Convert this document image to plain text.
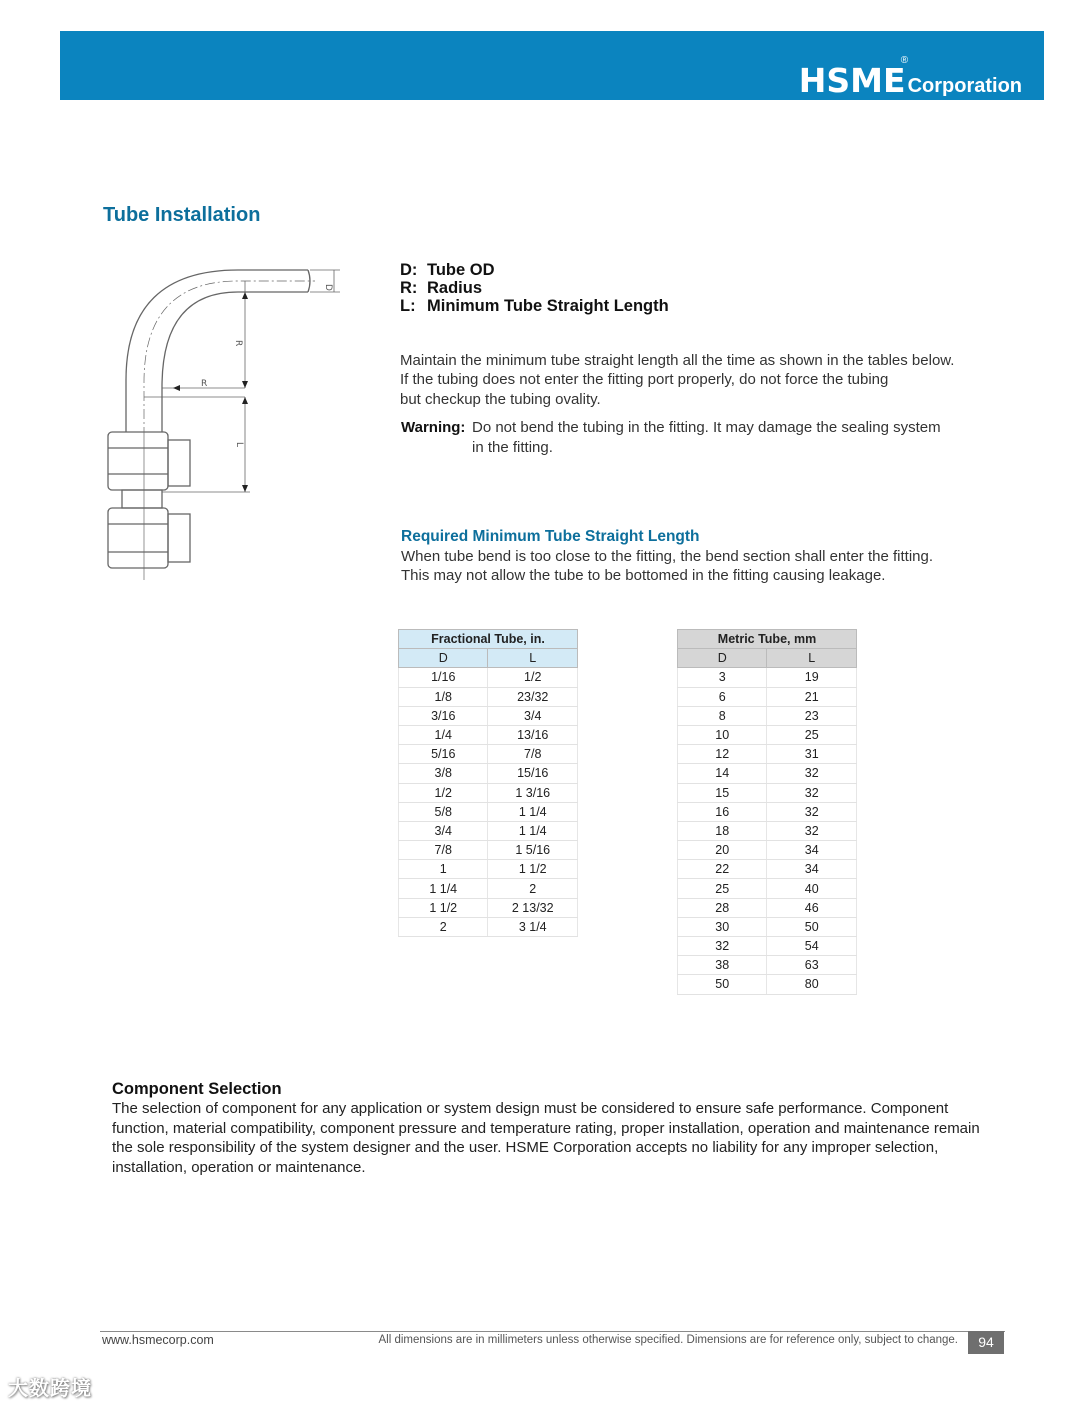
HSME
®
Corporation
Tube Installation
D
R
R
L
D: Tube OD
R: Radius
L: Minimum Tube Straight Length
Maintain the minimum tube straight length all the time as shown in the tables below.
If the tubing does not enter the fitting port properly, do not force the tubing
but checkup the tubing ovality.
Warning: Do not bend the tubing in the fitting. It may damage the sealing system
in the fitting.
Required Minimum Tube Straight Length
When tube bend is too close to the fitting, the bend section shall enter the fitting.
This may not allow the tube to be bottomed in the fitting causing leakage.
Fractional Tube, in.	
D	L
1/16	1/2
1/8	23/32
3/16	3/4
1/4	13/16
5/16	7/8
3/8	15/16
1/2	1 3/16
5/8	1 1/4
3/4	1 1/4
7/8	1 5/16
1	1 1/2
1 1/4	2
1 1/2	2 13/32
2	3 1/4
Metric Tube, mm	
D	L
3	19
6	21
8	23
10	25
12	31
14	32
15	32
16	32
18	32
20	34
22	34
25	40
28	46
30	50
32	54
38	63
50	80
Component Selection
The selection of component for any application or system design must be considered to ensure safe performance. Component
function, material compatibility, component pressure and temperature rating, proper installation, operation and maintenance remain
the sole responsibility of the system designer and the user. HSME Corporation accepts no liability for any improper selection,
installation, operation or maintenance.
www.hsmecorp.com	All dimensions are in millimeters unless otherwise specified. Dimensions are for reference only, subject to change.	94
大数跨境
